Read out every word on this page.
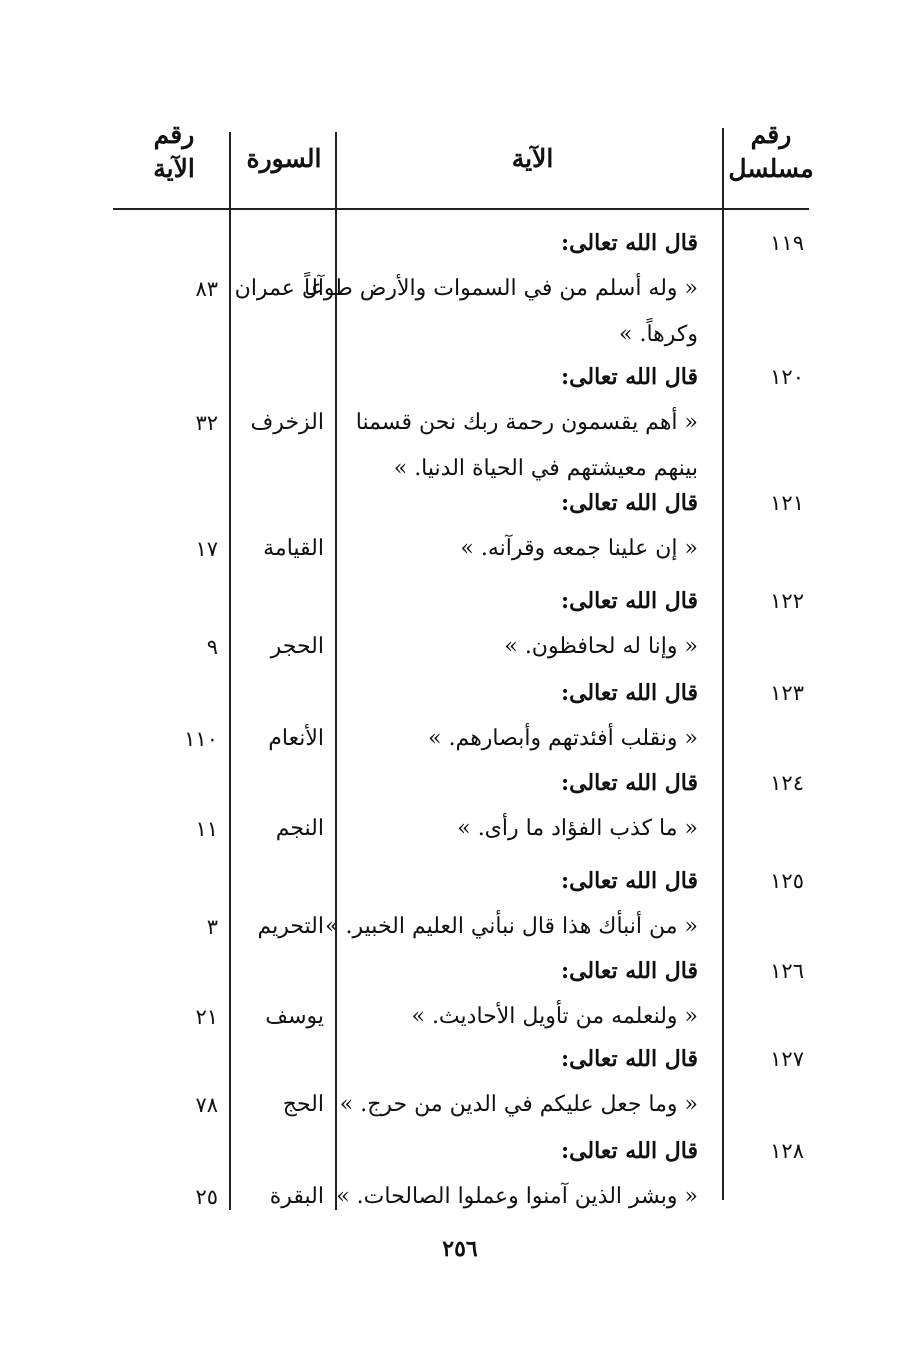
رقم
مسلسل
الآية
السورة
رقم
الآية
١١٩
قال الله تعالى:
« وله أسلم من في السموات والأرض طوعاً
وكرهاً. »
آل عمران
٨٣
١٢٠
قال الله تعالى:
« أهم يقسمون رحمة ربك نحن قسمنا
بينهم معيشتهم في الحياة الدنيا. »
الزخرف
٣٢
١٢١
قال الله تعالى:
« إن علينا جمعه وقرآنه. »
القيامة
١٧
١٢٢
قال الله تعالى:
« وإنا له لحافظون. »
الحجر
٩
١٢٣
قال الله تعالى:
« ونقلب أفئدتهم وأبصارهم. »
الأنعام
١١٠
١٢٤
قال الله تعالى:
« ما كذب الفؤاد ما رأى. »
النجم
١١
١٢٥
قال الله تعالى:
« من أنبأك هذا قال نبأني العليم الخبير. »
التحريم
٣
١٢٦
قال الله تعالى:
« ولنعلمه من تأويل الأحاديث. »
يوسف
٢١
١٢٧
قال الله تعالى:
« وما جعل عليكم في الدين من حرج. »
الحج
٧٨
١٢٨
قال الله تعالى:
« وبشر الذين آمنوا وعملوا الصالحات. »
البقرة
٢٥
٢٥٦
